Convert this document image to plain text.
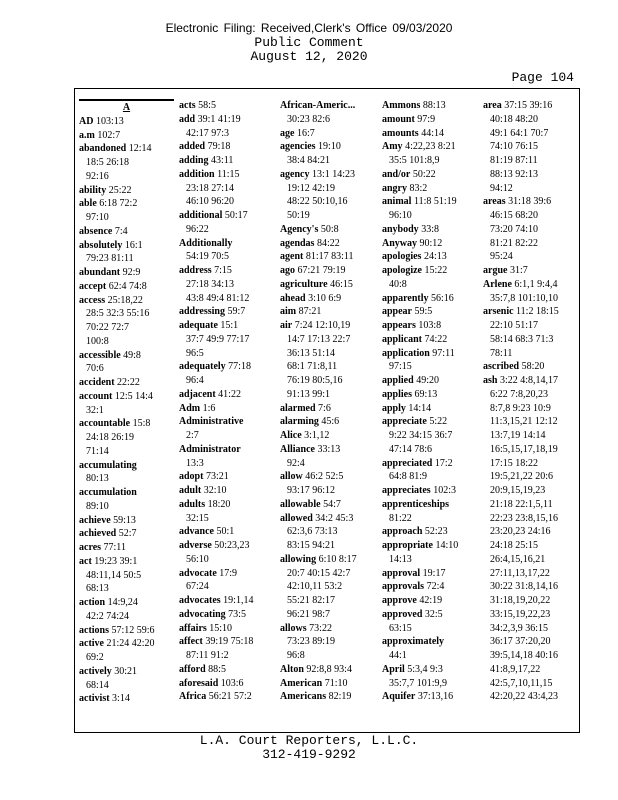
Electronic Filing: Received,Clerk's Office 09/03/2020
Public Comment
August 12, 2020
Page 104
A
AD 103:13
a.m 102:7
abandoned 12:14
18:5 26:18
92:16
ability 25:22
able 6:18 72:2
97:10
absence 7:4
absolutely 16:1
79:23 81:11
abundant 92:9
accept 62:4 74:8
access 25:18,22
28:5 32:3 55:16
70:22 72:7
100:8
accessible 49:8
70:6
accident 22:22
account 12:5 14:4
32:1
accountable 15:8
24:18 26:19
71:14
accumulating
80:13
accumulation
89:10
achieve 59:13
achieved 52:7
acres 77:11
act 19:23 39:1
48:11,14 50:5
68:13
action 14:9,24
42:2 74:24
actions 57:12 59:6
active 21:24 42:20
69:2
actively 30:21
68:14
activist 3:14
acts 58:5
add 39:1 41:19
42:17 97:3
added 79:18
adding 43:11
addition 11:15
23:18 27:14
46:10 96:20
additional 50:17
96:22
Additionally
54:19 70:5
address 7:15
27:18 34:13
43:8 49:4 81:12
addressing 59:7
adequate 15:1
37:7 49:9 77:17
96:5
adequately 77:18
96:4
adjacent 41:22
Adm 1:6
Administrative
2:7
Administrator
13:3
adopt 73:21
adult 32:10
adults 18:20
32:15
advance 50:1
adverse 50:23,23
56:10
advocate 17:9
67:24
advocates 19:1,14
advocating 73:5
affairs 15:10
affect 39:19 75:18
87:11 91:2
afford 88:5
aforesaid 103:6
Africa 56:21 57:2
African-Americ...
30:23 82:6
age 16:7
agencies 19:10
38:4 84:21
agency 13:1 14:23
19:12 42:19
48:22 50:10,16
50:19
Agency's 50:8
agendas 84:22
agent 81:17 83:11
ago 67:21 79:19
agriculture 46:15
ahead 3:10 6:9
aim 87:21
air 7:24 12:10,19
14:7 17:13 22:7
36:13 51:14
68:1 71:8,11
76:19 80:5,16
91:13 99:1
alarmed 7:6
alarming 45:6
Alice 3:1,12
Alliance 33:13
92:4
allow 46:2 52:5
93:17 96:12
allowable 54:7
allowed 34:2 45:3
62:3,6 73:13
83:15 94:21
allowing 6:10 8:17
20:7 40:15 42:7
42:10,11 53:2
55:21 82:17
96:21 98:7
allows 73:22
73:23 89:19
96:8
Alton 92:8,8 93:4
American 71:10
Americans 82:19
Ammons 88:13
amount 97:9
amounts 44:14
Amy 4:22,23 8:21
35:5 101:8,9
and/or 50:22
angry 83:2
animal 11:8 51:19
96:10
anybody 33:8
Anyway 90:12
apologies 24:13
apologize 15:22
40:8
apparently 56:16
appear 59:5
appears 103:8
applicant 74:22
application 97:11
97:15
applied 49:20
applies 69:13
apply 14:14
appreciate 5:22
9:22 34:15 36:7
47:14 78:6
appreciated 17:2
64:8 81:9
appreciates 102:3
apprenticeships
81:22
approach 52:23
appropriate 14:10
14:13
approval 19:17
approvals 72:4
approve 42:19
approved 32:5
63:15
approximately
44:1
April 5:3,4 9:3
35:7,7 101:9,9
Aquifer 37:13,16
area 37:15 39:16
40:18 48:20
49:1 64:1 70:7
74:10 76:15
81:19 87:11
88:13 92:13
94:12
areas 31:18 39:6
46:15 68:20
73:20 74:10
81:21 82:22
95:24
argue 31:7
Arlene 6:1,1 9:4,4
35:7,8 101:10,10
arsenic 11:2 18:15
22:10 51:17
58:14 68:3 71:3
78:11
ascribed 58:20
ash 3:22 4:8,14,17
6:22 7:8,20,23
8:7,8 9:23 10:9
11:3,15,21 12:12
13:7,19 14:14
16:5,15,17,18,19
17:15 18:22
19:5,21,22 20:6
20:9,15,19,23
21:18 22:1,5,11
22:23 23:8,15,16
23:20,23 24:16
24:18 25:15
26:4,15,16,21
27:11,13,17,22
30:22 31:8,14,16
31:18,19,20,22
33:15,19,22,23
34:2,3,9 36:15
36:17 37:20,20
39:5,14,18 40:16
41:8,9,17,22
42:5,7,10,11,15
42:20,22 43:4,23
L.A. Court Reporters, L.L.C.
312-419-9292
